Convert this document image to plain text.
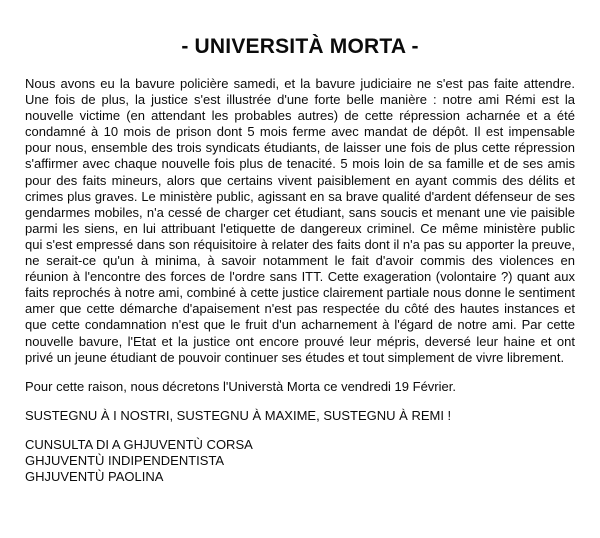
- UNIVERSITÀ MORTA -

Nous avons eu la bavure policière samedi, et la bavure judiciaire ne s'est pas faite attendre. Une fois de plus, la justice s'est illustrée d'une forte belle manière : notre ami Rémi est la nouvelle victime (en attendant les probables autres) de cette répression acharnée et a été condamné à 10 mois de prison dont 5 mois ferme avec mandat de dépôt. Il est impensable pour nous, ensemble des trois syndicats étudiants, de laisser une fois de plus cette répression s'affirmer avec chaque nouvelle fois plus de tenacité. 5 mois loin de sa famille et de ses amis pour des faits mineurs, alors que certains vivent paisiblement en ayant commis des délits et crimes plus graves. Le ministère public, agissant en sa brave qualité d'ardent défenseur de ses gendarmes mobiles, n'a cessé de charger cet étudiant, sans soucis et menant une vie paisible parmi les siens, en lui attribuant l'etiquette de dangereux criminel. Ce même ministère public qui s'est empressé dans son réquisitoire à relater des faits dont il n'a pas su apporter la preuve, ne serait-ce qu'un à minima, à savoir notamment le fait d'avoir commis des violences en réunion à l'encontre des forces de l'ordre sans ITT. Cette exageration (volontaire ?) quant aux faits reprochés à notre ami, combiné à cette justice clairement partiale nous donne le sentiment amer que cette démarche d'apaisement n'est pas respectée du côté des hautes instances et que cette condamnation n'est que le fruit d'un acharnement à l'égard de notre ami. Par cette nouvelle bavure, l'Etat et la justice ont encore prouvé leur mépris, deversé leur haine et ont privé un jeune étudiant de pouvoir continuer ses études et tout simplement de vivre librement.

Pour cette raison, nous décretons l'Universtà Morta ce vendredi 19 Février.

SUSTEGNU À I NOSTRI, SUSTEGNU À MAXIME, SUSTEGNU À REMI !

CUNSULTA DI A GHJUVENTÙ CORSA
GHJUVENTÙ INDIPENDENTISTA
GHJUVENTÙ PAOLINA
